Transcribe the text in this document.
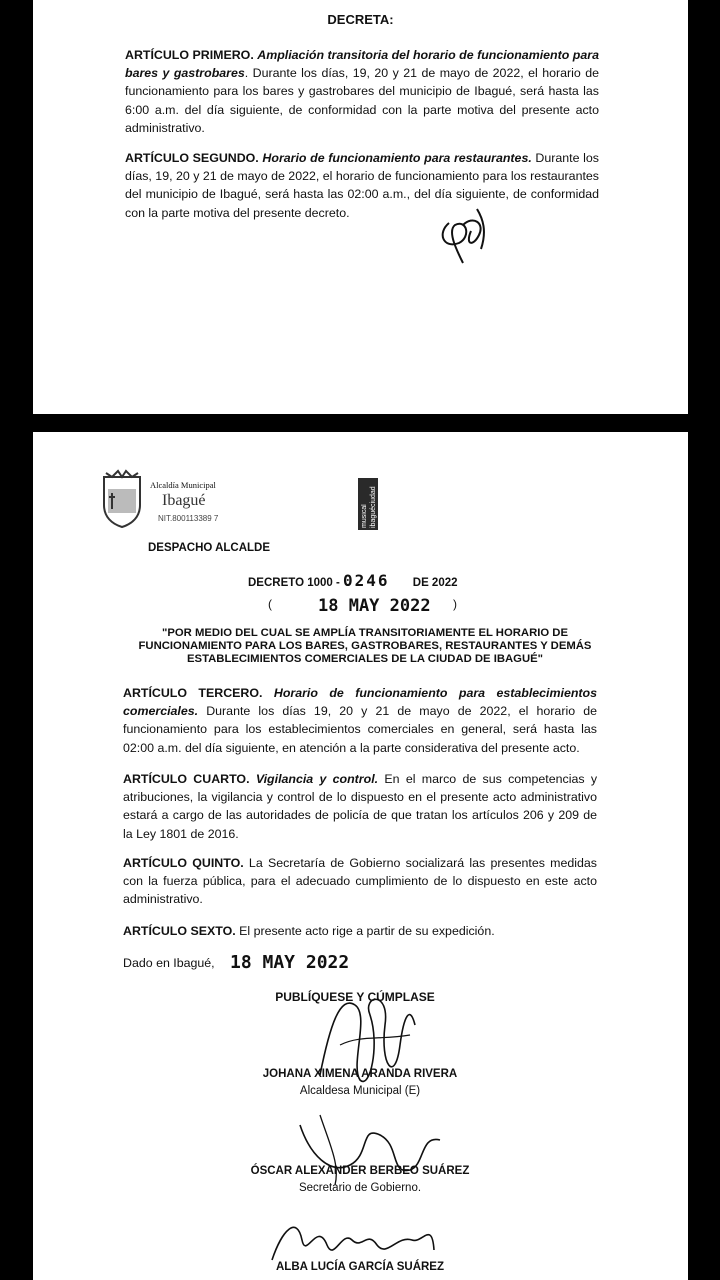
DECRETA:
ARTÍCULO PRIMERO. Ampliación transitoria del horario de funcionamiento para bares y gastrobares. Durante los días, 19, 20 y 21 de mayo de 2022, el horario de funcionamiento para los bares y gastrobares del municipio de Ibagué, será hasta las 6:00 a.m. del día siguiente, de conformidad con la parte motiva del presente acto administrativo.
ARTÍCULO SEGUNDO. Horario de funcionamiento para restaurantes. Durante los días, 19, 20 y 21 de mayo de 2022, el horario de funcionamiento para los restaurantes del municipio de Ibagué, será hasta las 02:00 a.m., del día siguiente, de conformidad con la parte motiva del presente decreto.
Alcaldía Municipal
Ibagué
NIT.800113389 7	musical ibaguéciudad
DESPACHO ALCALDE
DECRETO 1000 - 0246 DE 2022
(	18 MAY 2022 )
"POR MEDIO DEL CUAL SE AMPLÍA TRANSITORIAMENTE EL HORARIO DE FUNCIONAMIENTO PARA LOS BARES, GASTROBARES, RESTAURANTES Y DEMÁS ESTABLECIMIENTOS COMERCIALES DE LA CIUDAD DE IBAGUÉ"
ARTÍCULO TERCERO. Horario de funcionamiento para establecimientos comerciales. Durante los días 19, 20 y 21 de mayo de 2022, el horario de funcionamiento para los establecimientos comerciales en general, será hasta las 02:00 a.m. del día siguiente, en atención a la parte considerativa del presente acto.
ARTÍCULO CUARTO. Vigilancia y control. En el marco de sus competencias y atribuciones, la vigilancia y control de lo dispuesto en el presente acto administrativo estará a cargo de las autoridades de policía de que tratan los artículos 206 y 209 de la Ley 1801 de 2016.
ARTÍCULO QUINTO. La Secretaría de Gobierno socializará las presentes medidas con la fuerza pública, para el adecuado cumplimiento de lo dispuesto en este acto administrativo.
ARTÍCULO SEXTO. El presente acto rige a partir de su expedición.
Dado en Ibagué, 18 MAY 2022
PUBLÍQUESE Y CÚMPLASE
JOHANA XIMENA ARANDA RIVERA
Alcaldesa Municipal (E)
ÓSCAR ALEXANDER BERBEO SUÁREZ
Secretario de Gobierno.
ALBA LUCÍA GARCÍA SUÁREZ
